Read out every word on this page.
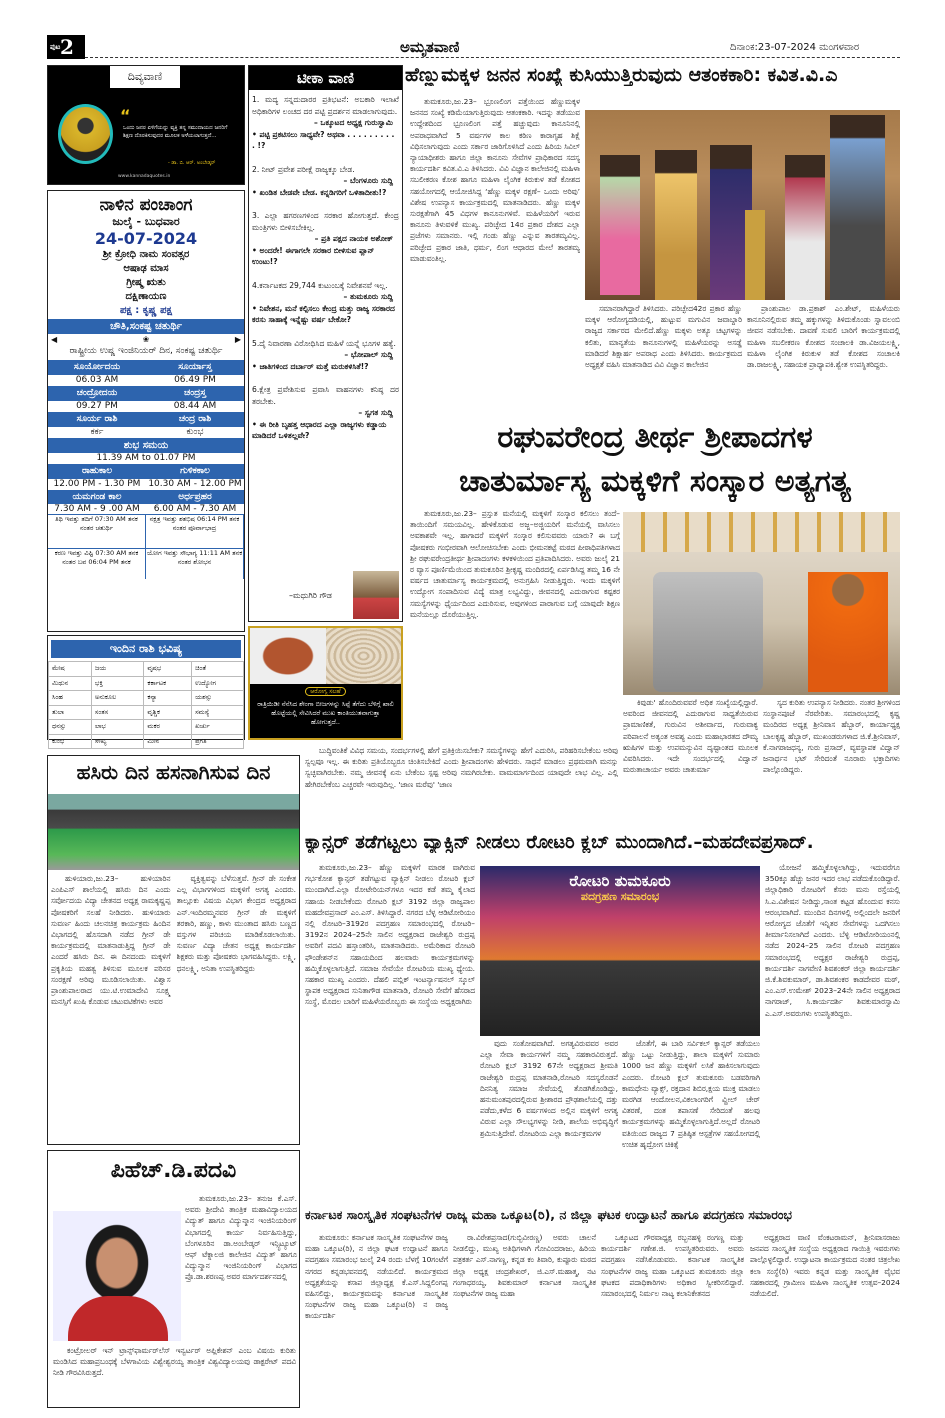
ಪುಟ 2	ಅಮೃತವಾಣಿ	ದಿನಾಂಕ:23-07-2024 ಮಂಗಳವಾರ
ದಿವ್ಯವಾಣಿ
“
ಒಂದು ಜನರ ಏಳಿಗೆಯನ್ನು ವ್ಯಕ್ತಿ ತನ್ನ ಸಮುದಾಯದ ಜನರಿಗೆ ಶಿಕ್ಷಣ ದೊರಕಿಸುವುದರ ಮೂಲಕ ಅಳೆಯಲಾಗುತ್ತದೆ...
- ಡಾ. ಬಿ. ಆರ್. ಅಂಬೇಡ್ಕರ್
www.kannadaquotes.in
ನಾಳಿನ ಪಂಚಾಂಗ
ಜುಲೈ - ಬುಧವಾರ
24-07-2024
ಶ್ರೀ ಕ್ರೋಧಿ ನಾಮ ಸಂವತ್ಸರ
ಆಷಾಢ ಮಾಸ
ಗ್ರೀಷ್ಮ ಋತು
ದಕ್ಷಿಣಾಯಣ
ಪಕ್ಷ : ಕೃಷ್ಣ ಪಕ್ಷ
ಚೌತಿ,ಸಂಕಷ್ಟ ಚತುರ್ಥಿ
◀	❀	▶
ರಾಷ್ಟ್ರೀಯ ಉಷ್ಣ ಇಂಜಿನಿಯರ್ ದಿನ, ಸಂಕಷ್ಟ ಚತುರ್ಥಿ
ಸೂರ್ಯೋದಯ	ಸೂರ್ಯಾಸ್ತ
06.03 AM	06.49 PM
ಚಂದ್ರೋದಯ	ಚಂದ್ರಸ್ತ
09.27 PM	08.44 AM
ಸೂರ್ಯ ರಾಶಿ	ಚಂದ್ರ ರಾಶಿ
ಕರ್ಕ	ಕುಂಭ
ಶುಭ ಸಮಯ
11.39 AM to 01.07 PM
ರಾಹುಕಾಲ	ಗುಳಿಕಕಾಲ
12.00 PM - 1.30 PM 10.30 AM - 12.00 PM
ಯಮಗಂಡ ಕಾಲ	ಅರ್ಧಪ್ರಹರ
7.30 AM - 9 .00 AM	6.00 AM - 7.30 AM
ತಿಥಿ ಇವತ್ತು ತದಿಗೆ 07:30 AM ತನಕ ನಂತರ ಚತುರ್ಥಿ
ನಕ್ಷತ್ರ ಇವತ್ತು ಶತಭಿಷ 06:14 PM ತನಕ ನಂತರ ಪೂರ್ವಾಭಾದ್ರ
ಕರಣ ಇವತ್ತು ವಿಷ್ಟಿ 07:30 AM ತನಕ ನಂತರ ಬವ 06:04 PM ತನಕ
ಯೋಗ ಇವತ್ತು ಸೌಭಾಗ್ಯ 11:11 AM ತನಕ ನಂತರ ಶೋಭನ
ಇಂದಿನ ರಾಶಿ ಭವಿಷ್ಯ
ಮೇಷ	ಜಯ	ವೃಷಭ	ಚಿಂತೆ
ಮಿಥುನ	ಭಕ್ತಿ	ಕರ್ಕಾಟಕ	ಉದ್ಯೋಗ
ಸಿಂಹ	ಅನುಕೂಲ	ಕನ್ಯಾ	ಯಶಸ್ಸು
ತುಲಾ	ಸಂತಸ	ವೃಶ್ಚಿಕ	ಸಮಸ್ಯೆ
ಧನಸ್ಸು	ಲಾಭ	ಮಕರ	ಖರ್ಚು
ಕುಂಭ	ಸೌಖ್ಯ	ಮೀನ	ಪ್ರಗತಿ
ಟೀಕಾ ವಾಣಿ
1. ಮದ್ಯ ಸನ್ನದುದಾರರ ಪ್ರತಿಭಟನೆ: ಅಬಕಾರಿ ಇಲಾಖೆ ಅಧಿಕಾರಿಗಳ ಲಂಚದ ದರ ಪಟ್ಟಿ ಪ್ರದರ್ಶನ ಮಾಡಲಾಗುವುದು.
– ಒಕ್ಕೂಟದ ಅಧ್ಯಕ್ಷ ಗುರುಸ್ವಾಮಿ
• ಪಟ್ಟಿ ಪ್ರಕಟಿಸಲು ಸಾಧ್ಯವೇ? ಅಥವಾ . . . . . . . . . . !?
2. ನೀಟ್ ಪ್ರವೇಶ ಪರೀಕ್ಷೆ ರಾಜ್ಯಕ್ಕೂ ಬೇಡ.
– ಬೆಂಗಳೂರು ಸುದ್ದಿ
• ಖಂಡಿತ ಬೇಡವೇ ಬೇಡ. ಕನ್ನಡಿಗರಿಗೆ ಒಳಿತಾದೀತು!?
3. ಎಲ್ಲಾ ಹಗರಣಗಳಿಂದ ಸರಕಾರ ಹೋಗುತ್ತದೆ. ಕೇಂದ್ರ ಮಂತ್ರಿಗಳು ಬೀಳಿಸಬೇಕಿಲ್ಲ.
– ಪ್ರತಿ ಪಕ್ಷದ ನಾಯಕ ಅಶೋಕ್
• ಅಂದರೇ! ಈಗಾಗಲೇ ಸರಕಾರ ಬೀಳಿಸುವ ಪ್ಲಾನ್ ಉಂಟು!?
4.ಕರ್ನಾಟಕದ 29,744 ಕುಟುಂಬಕ್ಕೆ ನಿವೇಶನವೆ ಇಲ್ಲ.
– ತುಮಕೂರು ಸುದ್ದಿ
• ನಿವೇಶನ, ಮನೆ ಕಲ್ಪಿಸಲು ಕೇಂದ್ರ ಮತ್ತು ರಾಜ್ಯ ಸರಕಾರದ ಕರಸು ಸಾಹಾಕ್ಕೆ ಇನ್ನೆಷ್ಟು ವರ್ಷ ಬೇಕೋ?
5.ದೈ ನಿವಾರಣಾ ವಿರೋಧಿಸಿದ ಮಹಿಳೆ ಯನ್ನೆ ಭೂಗಳ ಹತ್ಯೆ.
– ಭೋಪಾಲ್ ಸುದ್ದಿ
• ಜಾತಿಗಳಿಂದ ದರ್ಬಾರ್ ಮತ್ತೆ ಮರುಕಳಿಸಿತೆ!?
6.ಕ್ಷೇತ್ರ ಪ್ರವೇಶಿಸುವ ಪ್ರವಾಸಿ ವಾಹನಗಳು ಕನಿಷ್ಠ ದರ ತರಬೇಕು.
– ಸ್ವಗತ ಸುದ್ದಿ
• ಈ ರೀತಿ ಬೃಹತ್ತ ಆಧಾರದ ಎಲ್ಲಾ ರಾಜ್ಯಗಳು ಕಡ್ಡಾಯ ಮಾಡಿದರೆ ಒಳಿತಲ್ಲವೇ?
–ಮಧುಗಿರಿ ಗೌಡ
ಆರೋಗ್ಯ ಸಲಹೆ
ರಾತ್ರಿಯಿಡೀ ನೆನೆಸಿದ ಶೇಂಗಾ ಬೀಜಗಳನ್ನು ಸಿಪ್ಪೆ ತೆಗೆದು ಬೆಳಿಗ್ಗೆ ಖಾಲಿ ಹೊಟ್ಟೆಯಲ್ಲಿ ಸೇವಿಸಿದರೆ ಮುಖ ಕಾಂತಿಯುತವಾಗುತ್ತಾ ಹೋಗುತ್ತದೆ..
ಹೆಣ್ಣುಮಕ್ಕಳ ಜನನ ಸಂಖ್ಯೆ ಕುಸಿಯುತ್ತಿರುವುದು ಆತಂಕಕಾರಿ: ಕವಿತ.ವಿ.ಎ

ತುಮಕೂರು,ಜು.23– ಭ್ರೂಣಲಿಂಗ ಪತ್ತೆಯಿಂದ ಹೆಣ್ಣುಮಕ್ಕಳ ಜನನದ ಸಂಖ್ಯೆ ಕಡಿಮೆಯಾಗುತ್ತಿರುವುದು ಆತಂಕಕಾರಿ. ಇದನ್ನು ತಡೆಯುವ ಉದ್ದೇಶದಿಂದ ಭ್ರೂಣಲಿಂಗ ಪತ್ತೆ ಹಚ್ಚುವುದು ಕಾನೂನಿನಲ್ಲಿ ಅಪರಾಧವಾಗಿದೆ 5 ವರ್ಷಗಳ ಕಾಲ ಕಠಿಣ ಕಾರಾಗೃಹ ಶಿಕ್ಷೆ ವಿಧಿಸಲಾಗುವುದು ಎಂದು ಸರ್ಕಾರ ಜಾರಿಗೊಳಿಸಿದೆ ಎಂದು ಹಿರಿಯ ಸಿವಿಲ್ ನ್ಯಾಯಾಧೀಶರು ಹಾಗೂ ಜಿಲ್ಲಾ ಕಾನೂನು ಸೇವೆಗಳ ಪ್ರಾಧಿಕಾರದ ಸದಸ್ಯ ಕಾರ್ಯದರ್ಶಿ ಕವಿತ.ವಿ.ಎ ತಿಳಿಸಿದರು. ವಿವಿ ವಿಜ್ಞಾನ ಕಾಲೇಜಿನಲ್ಲಿ ಮಹಿಳಾ ಸಬಲೀಕರಣ ಕೋಶ ಹಾಗೂ ಮಹಿಳಾ ಲೈಂಗಿಕ ಕಿರುಕುಳ ತಡೆ ಕೋಶದ ಸಹಯೋಗದಲ್ಲಿ ಆಯೋಜಿಸಿದ್ದ ‘ಹೆಣ್ಣು ಮಕ್ಕಳ ರಕ್ಷಣೆ– ಒಂದು ಅರಿವು’ ವಿಶೇಷ ಉಪನ್ಯಾಸ ಕಾರ್ಯಕ್ರಮದಲ್ಲಿ ಮಾತನಾಡಿದರು. ಹೆಣ್ಣು ಮಕ್ಕಳ ಸುರಕ್ಷತೆಗಾಗಿ 45 ವಿಧಗಳ ಕಾನೂನುಗಳಿವೆ. ಮಹಿಳೆಯರಿಗೆ ಇರುವ ಕಾನೂನು ತಿಳುವಳಿಕೆ ಮುಖ್ಯ. ಪರಿಚ್ಛೇದ 14ರ ಪ್ರಕಾರ ದೇಶದ ಎಲ್ಲಾ ಪ್ರಜೆಗಳು ಸಮಾನರು. ಇಲ್ಲಿ ಗಂಡು ಹೆಣ್ಣು ಎನ್ನುವ ತಾರತಮ್ಯವಿಲ್ಲ. ಪರಿಚ್ಛೇದ ಪ್ರಕಾರ ಜಾತಿ, ಧರ್ಮ, ಲಿಂಗ ಆಧಾರದ ಮೇಲೆ ತಾರತಮ್ಯ ಮಾಡುವಂತಿಲ್ಲ.

ಸಮಾನರಾಗಿದ್ದಾರೆ ತಿಳಿಸಿದರು. ಪರಿಚ್ಛೇದ42ರ ಪ್ರಕಾರ ಹೆಣ್ಣು ಮಕ್ಕಳ ಆರೋಗ್ಯದಡಿಯಲ್ಲಿ, ಹುಟ್ಟುವ ಮಗುವಿನ ಜವಾಬ್ದಾರಿ ರಾಜ್ಯದ ಸರ್ಕಾರದ ಮೇಲಿದೆ.ಹೆಣ್ಣು ಮಕ್ಕಳು ಅತ್ಯೂ ಚಟ್ಟಗಳನ್ನು ಕಲಿತು, ಮಾನ್ಯತೆಯ ಕಾನೂನುಗಳಲ್ಲಿ ಮಹಿಳೆಯರನ್ನು ಅಸಡ್ಡೆ ಮಾಡಿದರೆ ಶಿಕ್ಷಾರ್ಹ ಅಪರಾಧ ಎಂದು ತಿಳಿಸಿದರು. ಕಾರ್ಯಕ್ರಮದ ಅಧ್ಯಕ್ಷತೆ ವಹಿಸಿ ಮಾತನಾಡಿದ ವಿವಿ ವಿಜ್ಞಾನ ಕಾಲೇಜಿನ

ಪ್ರಾಂಶುಪಾಲ ಡಾ.ಪ್ರಕಾಶ್ ಎಂ.ಶೇಟ್, ಮಹಿಳೆಯರು ಕಾನೂನಿನಲ್ಲಿರುವ ತಮ್ಮ ಹಕ್ಕುಗಳನ್ನು ತಿಳಿದುಕೊಂಡು ಸ್ವಾವಲಂಬಿ ಜೀವನ ನಡೆಸಬೇಕು. ದಾವಣೆ ಸುವಲಿ ಬಾರಿಗೆ ಕಾರ್ಯಕ್ರಮದಲ್ಲಿ ಮಹಿಳಾ ಸಬಲೀಕರಣ ಕೋಶದ ಸಂಚಾಲಕಿ ಡಾ.ವಿಜಯಲಕ್ಷ್ಮಿ, ಮಹಿಳಾ ಲೈಂಗಿಕ ಕಿರುಕುಳ ತಡೆ ಕೋಶದ ಸಂಚಾಲಕಿ ಡಾ.ರಾಜಲಕ್ಷ್ಮಿ, ಸಹಾಯಕ ಪ್ರಾಧ್ಯಾಪಕಿ.ಶ್ವೇತ ಉಪಸ್ಥಿತರಿದ್ದರು.

ರಘುವರೇಂದ್ರ ತೀರ್ಥ ಶ್ರೀಪಾದಗಳ
ಚಾತುರ್ಮಾಸ್ಯ ಮಕ್ಕಳಿಗೆ ಸಂಸ್ಕಾರ ಅತ್ಯಗತ್ಯ

ತುಮಕೂರು,ಜು.23– ಪ್ರಸ್ತುತ ಮನೆಯಲ್ಲಿ ಮಕ್ಕಳಿಗೆ ಸಂಸ್ಕಾರ ಕಲಿಸಲು ತಂದೆ–ತಾಯಿಂದಿಗೆ ಸಮಯವಿಲ್ಲ. ಹೇಳಿಕೊಡುವ ಅಜ್ಜ–ಅಜ್ಜಿಯರಿಗೆ ಮನೆಯಲ್ಲಿ ವಾಸಿಸಲು ಅವಕಾಶವೇ ಇಲ್ಲ. ಹಾಗಾದರೆ ಮಕ್ಕಳಿಗೆ ಸಂಸ್ಕಾರ ಕಲಿಸುವವರು ಯಾರು? ಈ ಬಗ್ಗೆ ಪೋಷಕರು ಗಂಭೀರವಾಗಿ ಆಲೋಚಿಸಬೇಕು ಎಂದು ಭೀಮನಕಟ್ಟೆ ಮಠದ ಪೀಠಾಧಿಪತಿಗಳಾದ ಶ್ರೀ ರಘುವರೇಂದ್ರತೀರ್ಥ ಶ್ರೀಪಾದಂಗಳು ಕಳಕಳಿಯಿಂದ ಪ್ರತಿಪಾದಿಸಿದರು. ಅವರು ಜುಲೈ 21 ರ ವ್ಯಾಸ ಪೂರ್ಣಿಮೆಯಿಂದ ತುಮಕೂರಿನ ಶ್ರೀಕೃಷ್ಣ ಮಂದಿರದಲ್ಲಿ ಏರ್ಪಡಿಸಿದ್ದ ತಮ್ಮ 16 ನೇ ವರ್ಷದ ಚಾತುರ್ಮಾಸ್ಯ ಕಾರ್ಯಕ್ರಮದಲ್ಲಿ ಅನುಗ್ರಹಿಸಿ ನೀಡುತ್ತಿದ್ದರು. ಇಂದು ಮಕ್ಕಳಿಗೆ ಉದ್ಯೋಗ ಸಂಪಾದಿಸುವ ವಿದ್ಯೆ ಮಾತ್ರ ಲಭ್ಯವಿದ್ದು, ಜೀವನದಲ್ಲಿ ಎದುರಾಗುವ ಕಷ್ಟಕರ ಸಮಸ್ಯೆಗಳನ್ನು ಧೈರ್ಯದಿಂದ ಎದುರಿಸುವ, ಅವುಗಳಿಂದ ಪಾರಾಗುವ ಬಗ್ಗೆ ಯಾವುದೇ ಶಿಕ್ಷಣ ಮನೆಯಲ್ಲೂ ದೊರೆಯುತ್ತಿಲ್ಲ.

ಕಿವುಡು' ಹೊಂದಿರುವವರೆ ಅಧಿಕ ಸಂಖ್ಯೆಯಲ್ಲಿದ್ದಾರೆ. ಅವರಿಂದ ಜೀವನದಲ್ಲಿ ಎದುರಾಗುವ ಸಾಧ್ಯತೆಯಿರುವ ಪ್ರಾಮಾಣಿಕತೆ, ಗುರುವಿನ ಅಶೀರ್ವಾದ, ಗುರುವಾಕ್ಯ ಪರಿಪಾಲನೆ ಅತ್ಯಂತ ಅವಶ್ಯ ಎಂದು ಮಹಾಭಾರತದ ದೌಮ್ಯ ಋಷಿಗಳ ಮತ್ತು ಉಪಮನ್ಯುವಿನ ದೃಷ್ಟಾಂತದ ಮೂಲಕ ವಿವರಿಸಿದರು. ಇದೇ ಸಂದರ್ಭದಲ್ಲಿ ವಿದ್ವಾನ್ ಮರುತಾಚಾರ್ಯ ಅವರು ಚಾತುರ್ಮಾ

ಸ್ಯದ ಕುರಿತು ಉಪನ್ಯಾಸ ನೀಡಿದರು. ನಂತರ ಶ್ರೀಗಳಿಂದ ಸಂಸ್ಥಾನಪೂಜೆ ನೆರವೇರಿತು. ಸಮಾರಂಭದಲ್ಲಿ ಕೃಷ್ಣ ಮಂದಿರದ ಅಧ್ಯಕ್ಷ ಶ್ರೀನಿವಾಸ ಹೆಬ್ಬಾರ್, ಕಾರ್ಯಾಧ್ಯಕ್ಷ ಬಾಲಕೃಷ್ಣ ಹೆಬ್ಬಾರ್, ಮುಖಂಡರುಗಳಾದ ಜಿ.ಕೆ.ಶ್ರೀನಿವಾಸ್, ಕೆ.ನಾಗರಾಜಧನ್ಯ, ಗುರು ಪ್ರಸಾದ್, ವ್ಯವಸ್ಥಾಪಕ ವಿದ್ವಾನ್ ಜನಾರ್ಧನ ಭಟ್ ಸೇರಿದಂತೆ ನೂರಾರು ಭಕ್ತಾದಿಗಳು ಪಾಲ್ಗೊಂಡಿದ್ದರು.

ಬುದ್ಧಿವಂತಿಕೆ ವಿವಿಧ ಸಮಯ, ಸಂದರ್ಭಗಳಲ್ಲಿ ಹೇಗೆ ಪ್ರತಿಕ್ರಿಯಿಸಬೇಕು? ಸಮಸ್ಯೆಗಳನ್ನು ಹೇಗೆ ಎದುರಿಸಿ, ಪರಿಹರಿಸಬೇಕೆಂಬ ಅರಿವು ಸ್ವಲ್ಪವೂ ಇಲ್ಲ. ಈ ಕುರಿತು ಪ್ರತಿಯೊಬ್ಬರೂ ಚಿಂತಿಸಬೇಕಿದೆ ಎಂದು ಶ್ರೀಪಾದಂಗಳು ಹೇಳಿದರು. ಸಾಧನೆ ಮಾಡಲು ಪ್ರಥಮವಾಗಿ ಮನಸ್ಸು ಸ್ವಚ್ಛವಾಗಿರಬೇಕು. ನಮ್ಮ ಜೀವನಕ್ಕೆ ಏನು ಬೇಕೆಂಬ ಸ್ಪಷ್ಟ ಅರಿವು ನಮಗಿರಬೇಕು. ವಾಮಮಾರ್ಗದಿಂದ ಯಾವುದೇ ಲಾಭ ವಿಲ್ಲ. ಎಲ್ಲಿ ಹೇಗಿರಬೇಕೆಂಬ ಎಚ್ಚರವೇ ಇರುವುದಿಲ್ಲ. 'ಜಾಣ ಮರೆವು' 'ಜಾಣ

ಹಸಿರು ದಿನ ಹಸನಾಗಿಸುವ ದಿನ

ಹುಳಿಯಾರು,ಜು.23– ಹುಳಿಯಾರಿನ ಎಂಪಿಎಸ್ ಶಾಲೆಯಲ್ಲಿ ಹಸಿರು ದಿನ ಎಂದು ಸರ್ವೋದಯ ವಿದ್ಯಾ ಚೇತನದ ಅಧ್ಯಕ್ಷ ರಾಮಕೃಷ್ಣಪ್ಪ ಪೋಷಕರಿಗೆ ಸಲಹೆ ನೀಡಿದರು. ಹುಳಿಯಾರು ಸುವರ್ಣ ಹಿಂದು ಚಲನಚಿತ್ರ ಕಾರ್ಯಕ್ರಮ ಹಿಂದಿನ ವಿಭಾಗದಲ್ಲಿ ಹೊಸದಾಗಿ ನಡೆದ ಗ್ರೀನ್ ಡೇ ಕಾರ್ಯಕ್ರಮದಲ್ಲಿ ಮಾತನಾಡುತ್ತಿದ್ದ ಗ್ರೀನ್ ಡೇ ಎಂದರೆ ಹಸಿರು ದಿನ. ಈ ದಿನದಂದು ಮಕ್ಕಳಿಗೆ ಪ್ರಕೃತಿಯ ಮಹತ್ವ ತಿಳಿಸುವ ಮೂಲಕ ಪರಿಸರ ಸಂರಕ್ಷಣೆ ಅರಿವು ಮೂಡಿಸಲಾಯಿತು. ವಿಶ್ವಾಸ ಪ್ರಾಂಶುಪಾಲರಾದ ಯು.ಟಿ.ಉಮಾದೇವಿ ಸೂಕ್ಷ್ಮ ಮನಸ್ಸಿಗೆ ಖುಷಿ ಕೊಡುವ ಚಟುವಟಿಕೆಗಳು ಅವರ

ವ್ಯಕ್ತಿತ್ವವನ್ನು ಬೆಳೆಸುತ್ತವೆ. ಗ್ರೀನ್ ಡೇ ಸಂಕೇತ ಎಲ್ಲ ವಿಭಾಗಗಳಿಂದ ಮಕ್ಕಳಿಗೆ ಅಗತ್ಯ ಎಂದರು. ತಾಲ್ಲೂಕು ವಿಷಯ ವಿಭಾಗ ಕೇಂದ್ರದ ಅಧ್ಯಕ್ಷರಾದ ಎನ್.ಇಂದಿರಮ್ಮನವರ ಗ್ರೀನ್ ಡೇ ಮಕ್ಕಳಿಗೆ ತರಕಾರಿ, ಹಣ್ಣು, ಕಾಳು ಮುಂತಾದ ಹಸಿರು ಬಣ್ಣದ ವಸ್ತುಗಳ ಪರಿಚಯ ಮಾಡಿಕೊಡಲಾಯಿತು. ಸುವರ್ಣ ವಿದ್ಯಾ ಚೇತನ ಅಧ್ಯಕ್ಷ ಕಾರ್ಯದರ್ಶಿ ಶಿಕ್ಷಕರು ಮತ್ತು ಪೋಷಕರು ಭಾಗವಹಿಸಿದ್ದರು. ಲಕ್ಷ್ಮಿ, ಧನಲಕ್ಷ್ಮಿ, ಅನಿತಾ ಉಪಸ್ಥಿತರಿದ್ದರು

ಕ್ಯಾನ್ಸರ್ ತಡೆಗಟ್ಟಲು ವ್ಯಾಕ್ಸಿನ್ ನೀಡಲು ರೋಟರಿ ಕ್ಲಬ್ ಮುಂದಾಗಿದೆ.–ಮಹದೇವಪ್ರಸಾದ್.

ತುಮಕೂರು,ಜು.23– ಹೆಣ್ಣು ಮಕ್ಕಳಿಗೆ ಮಾರಕ ವಾಗಿರುವ ಗರ್ಭಕೋಶ ಕ್ಯಾನ್ಸರ್ ತಡೆಗಟ್ಟುವ ವ್ಯಾಕ್ಸಿನ್ ನೀಡಲು ರೋಟರಿ ಕ್ಲಬ್ ಮುಂದಾಗಿದೆ.ಎಲ್ಲಾ ರೋಟೇರಿಯನ್‌ಗಳೂ ಇದರ ಕಡೆ ತಮ್ಮ ಕೈಲಾದ ಸಹಾಯ ನೀಡಬೇಕೆಂದು ರೋಟರಿ ಕ್ಲಬ್ 3192 ಜಿಲ್ಲಾ ರಾಜ್ಯಪಾಲ ಮಹದೇವಪ್ರಸಾದ್ ಎಂ.ಎಸ್. ತಿಳಿಸಿದ್ದಾರೆ. ನಗರದ ಬೆಳ್ಳ ಆಡಿಟೋರಿಯಂ ನಲ್ಲಿ ರೋಟರಿ–3192ರ ಪದಗ್ರಹಣ ಸಮಾರಂಭದಲ್ಲಿ ರೋಟರಿ–3192ನ 2024–25ನೇ ಸಾಲಿನ ಅಧ್ಯಕ್ಷರಾದ ರಾಜೇಶ್ವರಿ ರುದ್ರಪ್ಪ ಅವರಿಗೆ ಪದವಿ ಹಸ್ತಾಂತರಿಸಿ, ಮಾತನಾಡಿದರು. ಅಮೆರಿಕಾದ ರೋಟರಿ ಫೌಂಡೇಶನ್‌ನ ಸಹಾಯದಿಂದ ಹಲವಾರು ಕಾರ್ಯಕ್ರಮಗಳನ್ನು ಹಮ್ಮಿಕೊಳ್ಳಲಾಗುತ್ತಿದೆ. ಸಮಾಜ ಸೇವೆಯೇ ರೋಟರಿಯ ಮುಖ್ಯ ಧ್ಯೇಯ. ಸಹಕಾರ ಮುಖ್ಯ ಎಂದರು. ದೆಹಲಿ ಪಬ್ಲಿಕ್ ಇಂಟರ್ನ್ಯಾಷನಲ್ ಸ್ಕೂಲ್ ಸ್ಥಾಪಕ ಅಧ್ಯಕ್ಷರಾದ ಸುನಿತಾಗೌಡ ಮಾತನಾಡಿ, ರೋಟರಿ ಸೇವೆಗೆ ಹೆಸರಾದ ಸಂಸ್ಥೆ, ಮೊದಲ ಬಾರಿಗೆ ಮಹಿಳೆಯರೊಬ್ಬರು ಈ ಸಂಸ್ಥೆಯ ಅಧ್ಯಕ್ಷರಾಗಿರು

ರೋಟರಿ ತುಮಕೂರು
ಪದಗ್ರಹಣ ಸಮಾರಂಭ

ವುದು ಸಂತೋಷವಾಗಿದೆ. ಅಗತ್ಯವಿರುವವರ ಅವರ ಎಲ್ಲಾ ಸೇವಾ ಕಾರ್ಯಗಳಿಗೆ ನಮ್ಮ ಸಹಕಾರವಿರುತ್ತದೆ. ರೋಟರಿ ಕ್ಲಬ್ 3192 67ನೇ ಅಧ್ಯಕ್ಷರಾದ ಶ್ರೀಮತಿ ರಾಜೇಶ್ವರಿ ರುದ್ರಪ್ಪ ಮಾತನಾಡಿ,ರೋಟರಿ ಸದಸ್ಯರೊಡನೆ ದಿನನಿತ್ಯ ಸಮಾಜ ಸೇವೆಯಲ್ಲಿ ತೊಡಗಿಕೊಂಡಿದ್ದು, ಹನುಮಂತಪುರದಲ್ಲಿರುವ ಶ್ರೀಶಾರದ ಪ್ರೌಢಶಾಲೆಯಲ್ಲಿ ದತ್ತು ಪಡೆದು,ಕಳೆದ 6 ವರ್ಷಗಳಿಂದ ಅಲ್ಲಿನ ಮಕ್ಕಳಿಗೆ ಅಗತ್ಯ ವಿರುವ ಎಲ್ಲಾ ಸೌಲಭ್ಯಗಳನ್ನು ನೀಡಿ, ಶಾಲೆಯ ಅಭಿವೃದ್ಧಿಗೆ ಶ್ರಮಿಸುತ್ತಿದೇವೆ. ರೋಟರಿಯ ಎಲ್ಲಾ ಕಾರ್ಯಕ್ರಮಗಳ

ಜೊತೆಗೆ, ಈ ಬಾರಿ ಸರ್ವಿಕಲ್ ಕ್ಯಾನ್ಸರ್ ತಡೆಯಲು ಹೆಣ್ಣು ಒಟ್ಟು ನೀಡುತ್ತಿದ್ದು, ಶಾಲಾ ಮಕ್ಕಳಿಗೆ ಸುಮಾರು 1000 ಜನ ಹೆಣ್ಣು ಮಕ್ಕಳಿಗೆ ಲಸಿಕೆ ಹಾಕಿಸಲಾಗುವುದು ಎಂದರು. ರೋಟರಿ ಕ್ಲಬ್ ತುಮಕೂರು ಬಡವರಿಗಾಗಿ ಕಾಮಧೇನು ವ್ಯಾಕ್ಸ್, ರಕ್ತದಾನ ಶಿಬಿರ,ಕ್ಷಯ ಮುಕ್ತ ಮಾಡಲು ಮರಗಿಡ ಆಂದೋಲನ,ವಿಕಲಾಂಗರಿಗೆ ವ್ಹೀಲ್ ಚೇರ್ ವಿತರಣೆ, ದಂತ ತಪಾಸಣೆ ಸೇರಿದಂತೆ ಹಲವು ಕಾರ್ಯಕ್ರಮಗಳನ್ನು ಹಮ್ಮಿಕೊಳ್ಳಲಾಗುತ್ತಿದೆ.ಅಲ್ಲದೆ ರೋಟರಿ ವತಿಯಿಂದ ರಾಜ್ಯದ 7 ಪ್ರತಿಷ್ಠಿತ ಆಸ್ಪತ್ರೆಗಳ ಸಹಯೋಗದಲ್ಲಿ ಉಚಿತ ಹೃದ್ರೋಗ ಚಿಕಿತ್ಸೆ

ಯೋಜನೆ ಹಮ್ಮಿಕೊಳ್ಳಲಾಗಿದ್ದು, ಇದುವರೆಗೂ 350ಕ್ಕೂ ಹೆಚ್ಚು ಜನರ ಇದರ ಲಾಭ ಪಡೆದುಕೊಂಡಿದ್ದಾರೆ. ಜಿಲ್ಲಾಧಿಕಾರಿ ರೋಟರಿಗೆ ಕೆಸರು ಮನು ರಸ್ತೆಯಲ್ಲಿ ಸಿ.ಎ.ವಿಶೇಷನ ನೀಡಿದ್ದು,ಸಾಂತ ಕಟ್ಟಡ ಹೊಂದುವ ಕನಸು ಆರಂಭವಾಗಿದೆ. ಮುಂದಿನ ದಿನಗಳಲ್ಲಿ ಅಲ್ಲಿಂದಲೇ ಜನರಿಗೆ ಆರೋಗ್ಯದ ಜೊತೆಗೆ ಇನ್ನಿತರ ಸೇವೆಗಳನ್ನು ಒದಗಿಸಲು ತೀರ್ಮಾನಿಸಲಾಗಿದೆ ಎಂದರು. ಬೆಳ್ಳಿ ಆಡಿಟೋರಿಯಂನಲ್ಲಿ ನಡೆದ 2024–25 ಸಾಲಿನ ರೋಟರಿ ಪದಗ್ರಹಣ ಸಮಾರಂಭದಲ್ಲಿ ಅಧ್ಯಕ್ಷರ ರಾಜೇಶ್ವರಿ ರುದ್ರಪ್ಪ, ಕಾರ್ಯದರ್ಶಿ ನಾಗವೇಣಿ ಶಿವಶಂಕರ್ ಜಿಲ್ಲಾ ಕಾರ್ಯದರ್ಶಿ ಜಿ.ಕೆ.ಶಿವಕುಮಾರ್, ಡಾ.ಶಿವಶಂಕರ ಕಾಡದೇವರ ಮಠ್, ಎಂ.ಎಸ್.ಉಮೇಶ್ 2023–24ನೇ ಸಾಲಿನ ಅಧ್ಯಕ್ಷರಾದ ನಾಗರಾಜ್, ಸಿ.ಕಾರ್ಯದರ್ಶಿ ಶಿವಕುಮಾರಸ್ವಾಮಿ ಎ.ಎಸ್.ಅವರುಗಳು ಉಪಸ್ಥಿತರಿದ್ದರು.

ಪಿಹೆಚ್.ಡಿ.ಪದವಿ

ತುಮಕೂರು,ಜು.23– ತನುಜ ಕೆ.ಎಸ್. ಅವರು ಶ್ರೀದೇವಿ ತಾಂತ್ರಿಕ ಮಹಾವಿದ್ಯಾಲಯದ ವಿದ್ಯುತ್ ಹಾಗೂ ವಿದ್ಯುನ್ಮಾನ ಇಂಜಿನಿಯರಿಂಗ್ ವಿಭಾಗದಲ್ಲಿ ಕಾರ್ಯ ನಿರ್ವಹಿಸುತ್ತಿದ್ದು, ಬೆಂಗಳೂರಿನ ಡಾ.ಅಂಬೇಡ್ಕರ್ ಇನ್ಸ್ಟಿಟ್ಯೂಟ್ ಆಫ್ ಟೆಕ್ನಾಲಜಿ ಕಾಲೇಜಿನ ವಿದ್ಯುತ್ ಹಾಗೂ ವಿದ್ಯುನ್ಮಾನ ಇಂಜಿನಿಯರಿಂಗ್ ವಿಭಾಗದ ಪ್ರೊ.ಡಾ.ಶರಣಪ್ಪ ಅವರ ಮಾರ್ಗದರ್ಶನದಲ್ಲಿ

ಕಂಟ್ರೋಲರ್ ಇನ್ ಟ್ರಾನ್ಸ್‌ಫಾರ್ಮರ್‌ಲೆಸ್ ಇನ್ವರ್ಟರ್ ಅಪ್ಲಿಕೇಶನ್ ಎಂಬ ವಿಷಯ ಕುರಿತು ಮಂಡಿಸಿದ ಮಹಾಪ್ರಬಂಧಕ್ಕೆ ಬೆಳಗಾವಿಯ ವಿಶ್ವೇಶ್ವರಯ್ಯ ತಾಂತ್ರಿಕ ವಿಶ್ವವಿದ್ಯಾಲಯವು ಡಾಕ್ಟರೇಟ್ ಪದವಿ ನೀಡಿ ಗೌರವಿಸಿರುತ್ತದೆ.

ಕರ್ನಾಟಕ ಸಾಂಸ್ಕೃತಿಕ ಸಂಘಟನೆಗಳ ರಾಜ್ಯ ಮಹಾ ಒಕ್ಕೂಟ(ರಿ), ನ ಜಿಲ್ಲಾ ಘಟಕ ಉದ್ಘಾಟನೆ ಹಾಗೂ ಪದಗ್ರಹಣ ಸಮಾರಂಭ

ತುಮಕೂರು: ಕರ್ನಾಟಕ ಸಾಂಸ್ಕೃತಿಕ ಸಂಘಟನೆಗಳ ರಾಜ್ಯ ಮಹಾ ಒಕ್ಕೂಟ(ರಿ), ನ ಜಿಲ್ಲಾ ಘಟಕ ಉದ್ಘಾಟನೆ ಹಾಗೂ ಪದಗ್ರಹಣ ಸಮಾರಂಭ ಜುಲೈ 24 ರಂದು ಬೆಳಗ್ಗೆ 10ಗಂಟೆಗೆ ನಗರದ ಕನ್ನಡಭವನದಲ್ಲಿ ನಡೆಯಲಿದೆ. ಕಾರ್ಯಕ್ರಮದ ಅಧ್ಯಕ್ಷತೆಯನ್ನು ಕಸಾಪ ಜಿಲ್ಲಾಧ್ಯಕ್ಷ ಕೆ.ಎಸ್.ಸಿದ್ದಲಿಂಗಪ್ಪ ವಹಿಸಲಿದ್ದು, ಕಾರ್ಯಕ್ರಮವನ್ನು ಕರ್ನಾಟಕ ಸಾಂಸ್ಕೃತಿಕ ಸಂಘಟನೆಗಳ ರಾಜ್ಯ ಮಹಾ ಒಕ್ಕೂಟ(ರಿ) ನ ರಾಜ್ಯ ಕಾರ್ಯದರ್ಶಿ

ರಾ.ವಿರೇಶಪ್ರಸಾದ(ಗುಬ್ಬಿವೀರಣ್ಣ) ಅವರು ಚಾಲನೆ ನೀಡಲಿದ್ದು, ಮುಖ್ಯ ಅತಿಥಿಗಳಾಗಿ ಗೋವಿಂದರಾಜು, ಹಿರಿಯ ಪತ್ರಕರ್ತ ಎಸ್.ನಾಗಣ್ಣ, ಕನ್ನಡ ಕಂ ತಿವಾರಿ, ಕುಪ್ಪೂರು ಮಠದ ಜಿಲ್ಲಾ ಅಧ್ಯಕ್ಷ ಚಂದ್ರಶೇಖರ್, ಜಿ.ಎಸ್.ಮಹಾತ್ಮ, ನಟ ಗಂಗಾಧರಯ್ಯ, ಶಿವಕುಮಾರ್ ಕರ್ನಾಟಕ ಸಾಂಸ್ಕೃತಿಕ ಸಂಘಟನೆಗಳ ರಾಜ್ಯ ಮಹಾ

ಒಕ್ಕೂಟದ ಗೌರವಾಧ್ಯಕ್ಷ ರಬ್ಬನಹಳ್ಳಿ ರಂಗಣ್ಣ ಮತ್ತು ಕಾರ್ಯದರ್ಶಿ ಗಣೇಶ.ಜಿ. ಉಪಸ್ಥಿತರಿರುವರು. ಅವರು ಪದಗ್ರಹಣ ನಡೆಸಿಕೊಡುವರು. ಕರ್ನಾಟಕ ಸಾಂಸ್ಕೃತಿಕ ಸಂಘಟನೆಗಳ ರಾಜ್ಯ ಮಹಾ ಒಕ್ಕೂಟದ ತುಮಕೂರು ಜಿಲ್ಲಾ ಘಟಕದ ಪದಾಧಿಕಾರಿಗಳು ಅಧಿಕಾರ ಸ್ವೀಕರಿಸಲಿದ್ದಾರೆ. ಸಮಾರಂಭದಲ್ಲಿ ನಿರ್ಮಲ ನಾಟ್ಯ ಕಲಾನಿಕೇತನದ

ಅಧ್ಯಕ್ಷರಾದ ವಾಣಿ ವೆಂಕಟರಾಮನ್, ಶ್ರೀನಿವಾಸರಾಜು ಜನಪದ ಸಾಂಸ್ಕೃತಿಕ ಸಂಸ್ಥೆಯ ಅಧ್ಯಕ್ಷರಾದ ಗಾಯಿತ್ರಿ ಇವರುಗಳು ಪಾಲ್ಗೊಳ್ಳಲಿದ್ದಾರೆ. ಉದ್ಘಾಟನಾ ಕಾರ್ಯಕ್ರಮದ ನಂತರ ಚಿತ್ರಲೇಖ ಕಲಾ ಸಂಸ್ಥೆ(ರಿ) ಇವರು ಕನ್ನಡ ಮತ್ತು ಸಾಂಸ್ಕೃತಿಕ ವೈಭವ ಸಹಕಾರದಲ್ಲಿ ಗ್ರಾಮೀಣ ಮಹಿಳಾ ಸಾಂಸ್ಕೃತಿಕ ಉತ್ಸವ–2024 ನಡೆಯಲಿದೆ.
